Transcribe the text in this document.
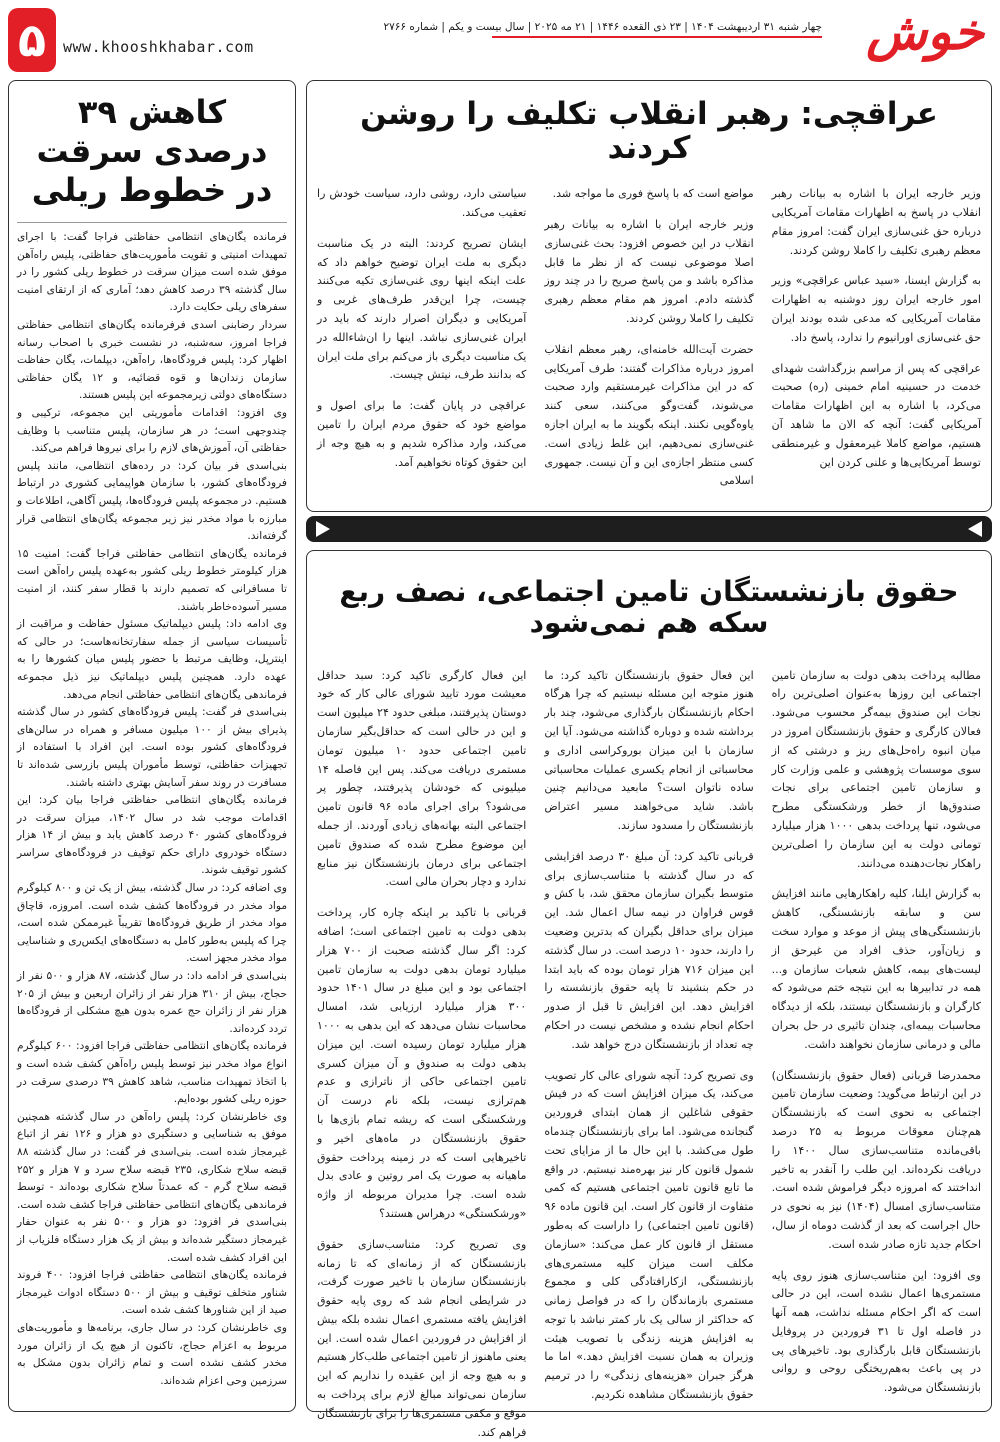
خوش
چهار شنبه ۳۱ اردیبهشت ۱۴۰۴ | ۲۳ ذی القعده ۱۴۴۶ | ۲۱ مه ۲۰۲۵ | سال بیست و یکم | شماره ۲۷۶۶
www.khooshkhabar.com
۵
عراقچی: رهبر انقلاب تکلیف را روشن کردند

وزیر خارجه ایران با اشاره به بیانات رهبر انقلاب در پاسخ به اظهارات مقامات آمریکایی درباره حق غنی‌سازی ایران گفت: امروز مقام معظم رهبری تکلیف را کاملا روشن کردند.

به گزارش ایسنا، «سید عباس عراقچی» وزیر امور خارجه ایران روز دوشنبه به اظهارات مقامات آمریکایی که مدعی شده بودند ایران حق غنی‌سازی اورانیوم را ندارد، پاسخ داد.

عراقچی که پس از مراسم بزرگداشت شهدای خدمت در حسینیه امام خمینی (ره) صحبت می‌کرد، با اشاره به این اظهارات مقامات آمریکایی گفت: آنچه که الان ما شاهد آن هستیم، مواضع کاملا غیرمعقول و غیرمنطقی توسط آمریکایی‌ها و علنی کردن این

مواضع است که با پاسخ فوری ما مواجه شد.

وزیر خارجه ایران با اشاره به بیانات رهبر انقلاب در این خصوص افزود: بحث غنی‌سازی اصلا موضوعی نیست که از نظر ما قابل مذاکره باشد و من پاسخ صریح را در چند روز گذشته دادم. امروز هم مقام معظم رهبری تکلیف را کاملا روشن کردند.

حضرت آیت‌الله خامنه‌ای، رهبر معظم انقلاب امروز درباره مذاکرات گفتند: طرف آمریکایی که در این مذاکرات غیرمستقیم وارد صحبت می‌شوند، گفت‌وگو می‌کنند، سعی کنند یاوه‌گویی نکنند. اینکه بگویند ما به ایران اجازه غنی‌سازی نمی‌دهیم، این غلط زیادی است. کسی منتظر اجازه‌ی این و آن نیست. جمهوری اسلامی

سیاستی دارد، روشی دارد، سیاست خودش را تعقیب می‌کند.

ایشان تصریح کردند: البته در یک مناسبت دیگری به ملت ایران توضیح خواهم داد که علت اینکه اینها روی غنی‌سازی تکیه می‌کنند چیست، چرا این‌قدر طرف‌های غربی و آمریکایی و دیگران اصرار دارند که باید در ایران غنی‌سازی نباشد. اینها را ان‌شاءالله در یک مناسبت دیگری باز می‌کنم برای ملت ایران که بدانند طرف، نیتش چیست.

عراقچی در پایان گفت: ما برای اصول و مواضع خود که حقوق مردم ایران را تامین می‌کند، وارد مذاکره شدیم و به هیچ وجه از این حقوق کوتاه نخواهیم آمد.

حقوق بازنشستگان تامین اجتماعی، نصف ربع سکه هم نمی‌شود

مطالبه پرداخت بدهی دولت به سازمان تامین اجتماعی این روزها به‌عنوان اصلی‌ترین راه نجات این صندوق بیمه‌گر محسوب می‌شود. فعالان کارگری و حقوق بازنشستگان امروز در میان انبوه راه‌حل‌های ریز و درشتی که از سوی موسسات پژوهشی و علمی وزارت کار و سازمان تامین اجتماعی برای نجات صندوق‌ها از خطر ورشکستگی مطرح می‌شود، تنها پرداخت بدهی ۱۰۰۰ هزار میلیارد تومانی دولت به این سازمان را اصلی‌ترین راهکار نجات‌دهنده می‌دانند.

به گزارش ایلنا، کلیه راهکارهایی مانند افزایش سن و سابقه بازنشستگی، کاهش بازنشستگی‌های پیش از موعد و موارد سخت و زیان‌آور، حذف افراد من غیرحق از لیست‌های بیمه، کاهش شعبات سازمان و... همه در تدابیرها به این نتیجه ختم می‌شود که کارگران و بازنشستگان نیستند، بلکه از دیدگاه محاسبات بیمه‌ای، چندان تاثیری در حل بحران مالی و درمانی سازمان نخواهند داشت.

محمدرضا قربانی (فعال حقوق بازنشستگان) در این ارتباط می‌گوید: وضعیت سازمان تامین اجتماعی به نحوی است که بازنشستگان هم‌چنان معوقات مربوط به ۲۵ درصد باقی‌مانده متناسب‌سازی سال ۱۴۰۰ را دریافت نکرده‌اند. این طلب را آنقدر به تاخیر انداختند که امروزه دیگر فراموش شده است. متناسب‌سازی امسال (۱۴۰۴) نیز به نحوی در حال اجراست که بعد از گذشت دوماه از سال، احکام جدید تازه صادر شده است.

وی افزود: این متناسب‌سازی هنوز روی پایه مستمری‌ها اعمال نشده است، این در حالی است که اگر احکام مسئله نداشت، همه آنها در فاصله اول تا ۳۱ فروردین در پروفایل بازنشستگان قابل بارگذاری بود. تاخیرهای پی در پی باعث به‌هم‌ریختگی روحی و روانی بازنشستگان می‌شود.

این فعال حقوق بازنشستگان تاکید کرد: ما هنوز متوجه این مسئله نیستیم که چرا هرگاه احکام بازنشستگان بارگذاری می‌شود، چند بار برداشته شده و دوباره گذاشته می‌شود. آیا این سازمان با این میزان بوروکراسی اداری و محاسباتی از انجام یکسری عملیات محاسباتی ساده ناتوان است؟ مابعید می‌دانیم چنین باشد. شاید می‌خواهند مسیر اعتراض بازنشستگان را مسدود سازند.

قربانی تاکید کرد: آن مبلغ ۳۰ درصد افزایشی که در سال گذشته با متناسب‌سازی برای متوسط بگیران سازمان محقق شد، با کش و قوس فراوان در نیمه سال اعمال شد. این میزان برای حداقل بگیران که بدترین وضعیت را دارند، حدود ۱۰ درصد است. در سال گذشته این میزان ۷۱۶ هزار تومان بوده که باید ابتدا در حکم بنشیند تا پایه حقوق بازنشسته را افزایش دهد. این افزایش تا قبل از صدور احکام انجام نشده و مشخص نیست در احکام چه تعداد از بازنشستگان درج خواهد شد.

وی تصریح کرد: آنچه شورای عالی کار تصویب می‌کند، یک میزان افزایش است که در فیش حقوقی شاغلین از همان ابتدای فروردین گنجانده می‌شود. اما برای بازنشستگان چندماه طول می‌کشد. با این حال ما از مزایای تحت شمول قانون کار نیز بهره‌مند نیستیم. در واقع ما تابع قانون تامین اجتماعی هستیم که کمی متفاوت از قانون کار است. این قانون ماده ۹۶ (قانون تامین اجتماعی) را داراست که به‌طور مستقل از قانون کار عمل می‌کند: «سازمان مکلف است میزان کلیه مستمری‌های بازنشستگی، ازکارافتادگی کلی و مجموع مستمری بازماندگان را که در فواصل زمانی که حداکثر از سالی یک بار کمتر نباشد با توجه به افزایش هزینه زندگی با تصویب هیئت وزیران به همان نسبت افزایش دهد.» اما ما هرگز جبران «هزینه‌های زندگی» را در ترمیم حقوق بازنشستگان مشاهده نکردیم.

این فعال کارگری تاکید کرد: سبد حداقل معیشت مورد تایید شورای عالی کار که خود دوستان پذیرفتند، مبلغی حدود ۲۴ میلیون است و این در حالی است که حداقل‌بگیر سازمان تامین اجتماعی حدود ۱۰ میلیون تومان مستمری دریافت می‌کند. پس این فاصله ۱۴ میلیونی که خودشان پذیرفتند، چطور پر می‌شود؟ برای اجرای ماده ۹۶ قانون تامین اجتماعی البته بهانه‌های زیادی آوردند. از جمله این موضوع مطرح شده که صندوق تامین اجتماعی برای درمان بازنشستگان نیز منابع ندارد و دچار بحران مالی است.

قربانی با تاکید بر اینکه چاره کار، پرداخت بدهی دولت به تامین اجتماعی است؛ اضافه کرد: اگر سال گذشته صحبت از ۷۰۰ هزار میلیارد تومان بدهی دولت به سازمان تامین اجتماعی بود و این مبلغ در سال ۱۴۰۱ حدود ۳۰۰ هزار میلیارد ارزیابی شد، امسال محاسبات نشان می‌دهد که این بدهی به ۱۰۰۰ هزار میلیارد تومان رسیده است. این میزان بدهی دولت به صندوق و آن میزان کسری تامین اجتماعی حاکی از ناترازی و عدم هم‌ترازی نیست، بلکه نام درست آن ورشکستگی است که ریشه تمام بازی‌ها با حقوق بازنشستگان در ماه‌های اخیر و تاخیرهایی است که در زمینه پرداخت حقوق ماهیانه به صورت یک امر روتین و عادی بدل شده است. چرا مدیران مربوطه از واژه «ورشکستگی» درهراس هستند؟

وی تصریح کرد: متناسب‌سازی حقوق بازنشستگان که از زمانه‌ای که تا زمانه بازنشستگان سازمان با تاخیر صورت گرفت، در شرایطی انجام شد که روی پایه حقوق افزایش یافته مستمری اعمال نشده بلکه بیش از افزایش در فروردین اعمال شده است. این یعنی ماهنوز از تامین اجتماعی طلب‌کار هستیم و به هیچ وجه از این عقیده را نداریم که این سازمان نمی‌تواند مبالغ لازم برای پرداخت به موقع و مکفی مستمری‌ها را برای بازنشستگان فراهم کند.

کاهش ۳۹ درصدی سرقت در خطوط ریلی

فرمانده یگان‌های انتظامی حفاظتی فراجا گفت: با اجرای تمهیدات امنیتی و تقویت مأموریت‌های حفاظتی، پلیس راه‌آهن موفق شده است میزان سرقت در خطوط ریلی کشور را در سال گذشته ۳۹ درصد کاهش دهد؛ آماری که از ارتقای امنیت سفرهای ریلی حکایت دارد.

سردار رضابنی اسدی فرفرمانده یگان‌های انتظامی حفاظتی فراجا امروز، سه‌شنبه، در نشست خبری با اصحاب رسانه اظهار کرد: پلیس فرودگاه‌ها، راه‌آهن، دیپلمات، یگان حفاظت سازمان زندان‌ها و قوه قضائیه، و ۱۲ یگان حفاظتی دستگاه‌های دولتی زیرمجموعه این پلیس هستند.

وی افزود: اقدامات مأموریتی این مجموعه، ترکیبی و چندوجهی است؛ در هر سازمان، پلیس متناسب با وظایف حفاظتی آن، آموزش‌های لازم را برای نیروها فراهم می‌کند.

بنی‌اسدی فر بیان کرد: در رده‌های انتظامی، مانند پلیس فرودگاه‌های کشور، با سازمان هواپیمایی کشوری در ارتباط هستیم. در مجموعه پلیس فرودگاه‌ها، پلیس آگاهی، اطلاعات و مبارزه با مواد مخدر نیز زیر مجموعه یگان‌های انتظامی قرار گرفته‌اند.

فرمانده یگان‌های انتظامی حفاظتی فراجا گفت: امنیت ۱۵ هزار کیلومتر خطوط ریلی کشور به‌عهده پلیس راه‌آهن است تا مسافرانی که تصمیم دارند با قطار سفر کنند، از امنیت مسیر آسوده‌خاطر باشند.

وی ادامه داد: پلیس دیپلماتیک مسئول حفاظت و مراقبت از تأسیسات سیاسی از جمله سفارتخانه‌هاست؛ در حالی که اینترپل، وظایف مرتبط با حضور پلیس میان کشورها را به عهده دارد. همچنین پلیس دیپلماتیک نیز ذیل مجموعه فرماندهی یگان‌های انتظامی حفاظتی انجام می‌دهد.

بنی‌اسدی فر گفت: پلیس فرودگاه‌های کشور در سال گذشته پذیرای بیش از ۱۰۰ میلیون مسافر و همراه در سالن‌های فرودگاه‌های کشور بوده است. این افراد با استفاده از تجهیزات حفاظتی، توسط مأموران پلیس بازرسی شده‌اند تا مسافرت در روند سفر آسایش بهتری داشته باشند.

فرمانده یگان‌های انتظامی حفاظتی فراجا بیان کرد: این اقدامات موجب شد در سال ۱۴۰۲، میزان سرقت در فرودگاه‌های کشور ۴۰ درصد کاهش یابد و بیش از ۱۴ هزار دستگاه خودروی دارای حکم توقیف در فرودگاه‌های سراسر کشور توقیف شوند.

وی اضافه کرد: در سال گذشته، بیش از یک تن و ۸۰۰ کیلوگرم مواد مخدر در فرودگاه‌ها کشف شده است. امروزه، قاچاق مواد مخدر از طریق فرودگاه‌ها تقریباً غیرممکن شده است، چرا که پلیس به‌طور کامل به دستگاه‌های ایکس‌ری و شناسایی مواد مخدر مجهز است.

بنی‌اسدی فر ادامه داد: در سال گذشته، ۸۷ هزار و ۵۰۰ نفر از حجاج، بیش از ۳۱۰ هزار نفر از زائران اربعین و بیش از ۲۰۵ هزار نفر از زائران حج عمره بدون هیچ مشکلی از فرودگاه‌ها تردد کرده‌اند.

فرمانده یگان‌های انتظامی حفاظتی فراجا افزود: ۶۰۰ کیلوگرم انواع مواد مخدر نیز توسط پلیس راه‌آهن کشف شده است و با اتخاذ تمهیدات مناسب، شاهد کاهش ۳۹ درصدی سرقت در حوزه ریلی کشور بوده‌ایم.

وی خاطرنشان کرد: پلیس راه‌آهن در سال گذشته همچنین موفق به شناسایی و دستگیری دو هزار و ۱۲۶ نفر از اتباع غیرمجاز شده است. بنی‌اسدی فر گفت: در سال گذشته ۸۸ قبضه سلاح شکاری، ۲۳۵ قبضه سلاح سرد و ۷ هزار و ۲۵۲ قبضه سلاح گرم - که عمدتاً سلاح شکاری بوده‌اند - توسط فرماندهی یگان‌های انتظامی حفاظتی فراجا کشف شده است. بنی‌اسدی فر افزود: دو هزار و ۵۰۰ نفر به عنوان حفار غیرمجاز دستگیر شده‌اند و بیش از یک هزار دستگاه فلزیاب از این افراد کشف شده است.

فرمانده یگان‌های انتظامی حفاظتی فراجا افزود: ۴۰۰ فروند شناور متخلف توقیف و بیش از ۵۰۰ دستگاه ادوات غیرمجاز صید از این شناورها کشف شده است.

وی خاطرنشان کرد: در سال جاری، برنامه‌ها و مأموریت‌های مربوط به اعزام حجاج، تاکنون از هیچ یک از زائران مورد مخدر کشف نشده است و تمام زائران بدون مشکل به سرزمین وحی اعزام شده‌اند.
